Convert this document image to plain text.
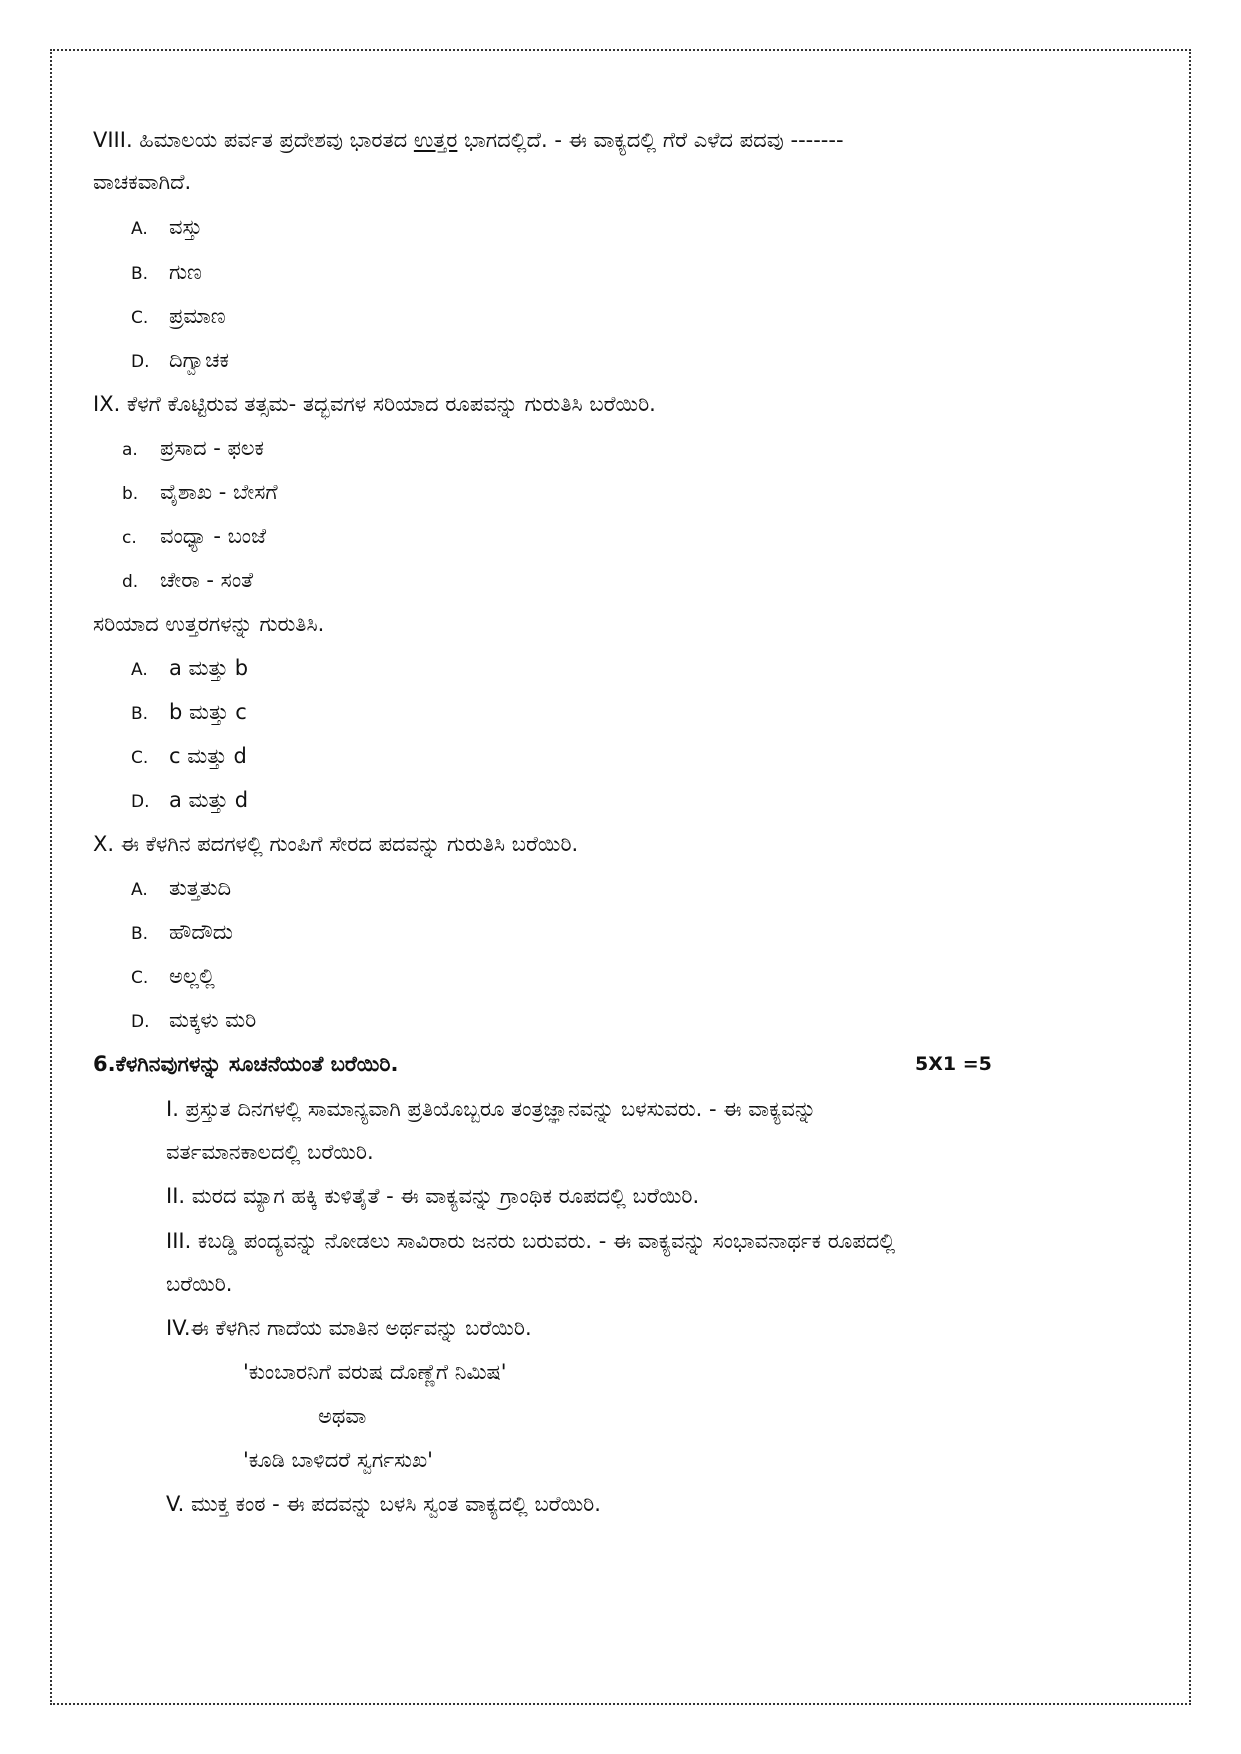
VIII. ಹಿಮಾಲಯ ಪರ್ವತ ಪ್ರದೇಶವು ಭಾರತದ ಉತ್ತರ ಭಾಗದಲ್ಲಿದೆ. - ಈ ವಾಕ್ಯದಲ್ಲಿ ಗೆರೆ ಎಳೆದ ಪದವು -------
ವಾಚಕವಾಗಿದೆ.
A. ವಸ್ತು
B. ಗುಣ
C. ಪ್ರಮಾಣ
D. ದಿಗ್ವಾಚಕ
IX. ಕೆಳಗೆ ಕೊಟ್ಟಿರುವ ತತ್ಸಮ- ತದ್ಭವಗಳ ಸರಿಯಾದ ರೂಪವನ್ನು ಗುರುತಿಸಿ ಬರೆಯಿರಿ.
a. ಪ್ರಸಾದ - ಫಲಕ
b. ವೈಶಾಖ - ಬೇಸಗೆ
c. ವಂಧ್ಯಾ - ಬಂಜೆ
d. ಚೇರಾ - ಸಂತೆ
ಸರಿಯಾದ ಉತ್ತರಗಳನ್ನು ಗುರುತಿಸಿ.
A. a ಮತ್ತು b
B. b ಮತ್ತು c
C. c ಮತ್ತು d
D. a ಮತ್ತು d
X. ಈ ಕೆಳಗಿನ ಪದಗಳಲ್ಲಿ ಗುಂಪಿಗೆ ಸೇರದ ಪದವನ್ನು ಗುರುತಿಸಿ ಬರೆಯಿರಿ.
A. ತುತ್ತತುದಿ
B. ಹೌದೌದು
C. ಅಲ್ಲಲ್ಲಿ
D. ಮಕ್ಕಳು ಮರಿ
6.ಕೆಳಗಿನವುಗಳನ್ನು ಸೂಚನೆಯಂತೆ ಬರೆಯಿರಿ.	5X1 =5
I. ಪ್ರಸ್ತುತ ದಿನಗಳಲ್ಲಿ ಸಾಮಾನ್ಯವಾಗಿ ಪ್ರತಿಯೊಬ್ಬರೂ ತಂತ್ರಜ್ಞಾನವನ್ನು ಬಳಸುವರು. - ಈ ವಾಕ್ಯವನ್ನು
ವರ್ತಮಾನಕಾಲದಲ್ಲಿ ಬರೆಯಿರಿ.
II. ಮರದ ಮ್ಯಾಗ ಹಕ್ಕಿ ಕುಳಿತೈತೆ - ಈ ವಾಕ್ಯವನ್ನು ಗ್ರಾಂಥಿಕ ರೂಪದಲ್ಲಿ ಬರೆಯಿರಿ.
III. ಕಬಡ್ಡಿ ಪಂದ್ಯವನ್ನು ನೋಡಲು ಸಾವಿರಾರು ಜನರು ಬರುವರು. - ಈ ವಾಕ್ಯವನ್ನು ಸಂಭಾವನಾರ್ಥಕ ರೂಪದಲ್ಲಿ
ಬರೆಯಿರಿ.
IV.ಈ ಕೆಳಗಿನ ಗಾದೆಯ ಮಾತಿನ ಅರ್ಥವನ್ನು ಬರೆಯಿರಿ.
'ಕುಂಬಾರನಿಗೆ ವರುಷ ದೊಣ್ಣೆಗೆ ನಿಮಿಷ'
ಅಥವಾ
'ಕೂಡಿ ಬಾಳಿದರೆ ಸ್ವರ್ಗಸುಖ'
V. ಮುಕ್ತ ಕಂಠ - ಈ ಪದವನ್ನು ಬಳಸಿ ಸ್ವಂತ ವಾಕ್ಯದಲ್ಲಿ ಬರೆಯಿರಿ.
